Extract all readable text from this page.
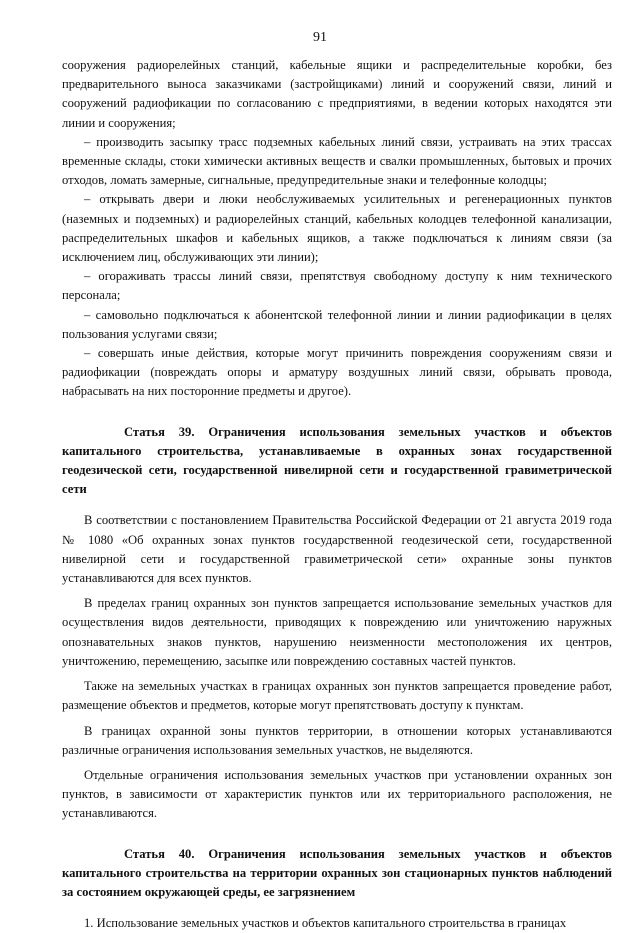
91

сооружения радиорелейных станций, кабельные ящики и распределительные коробки, без предварительного выноса заказчиками (застройщиками) линий и сооружений связи, линий и сооружений радиофикации по согласованию с предприятиями, в ведении которых находятся эти линии и сооружения;

– производить засыпку трасс подземных кабельных линий связи, устраивать на этих трассах временные склады, стоки химически активных веществ и свалки промышленных, бытовых и прочих отходов, ломать замерные, сигнальные, предупредительные знаки и телефонные колодцы;

– открывать двери и люки необслуживаемых усилительных и регенерационных пунктов (наземных и подземных) и радиорелейных станций, кабельных колодцев телефонной канализации, распределительных шкафов и кабельных ящиков, а также подключаться к линиям связи (за исключением лиц, обслуживающих эти линии);

– огораживать трассы линий связи, препятствуя свободному доступу к ним технического персонала;

– самовольно подключаться к абонентской телефонной линии и линии радиофикации в целях пользования услугами связи;

– совершать иные действия, которые могут причинить повреждения сооружениям связи и радиофикации (повреждать опоры и арматуру воздушных линий связи, обрывать провода, набрасывать на них посторонние предметы и другое).

Статья 39. Ограничения использования земельных участков и объектов капитального строительства, устанавливаемые в охранных зонах государственной геодезической сети, государственной нивелирной сети и государственной гравиметрической сети

В соответствии с постановлением Правительства Российской Федерации от 21 августа 2019 года № 1080 «Об охранных зонах пунктов государственной геодезической сети, государственной нивелирной сети и государственной гравиметрической сети» охранные зоны пунктов устанавливаются для всех пунктов.

В пределах границ охранных зон пунктов запрещается использование земельных участков для осуществления видов деятельности, приводящих к повреждению или уничтожению наружных опознавательных знаков пунктов, нарушению неизменности местоположения их центров, уничтожению, перемещению, засыпке или повреждению составных частей пунктов.

Также на земельных участках в границах охранных зон пунктов запрещается проведение работ, размещение объектов и предметов, которые могут препятствовать доступу к пунктам.

В границах охранной зоны пунктов территории, в отношении которых устанавливаются различные ограничения использования земельных участков, не выделяются.

Отдельные ограничения использования земельных участков при установлении охранных зон пунктов, в зависимости от характеристик пунктов или их территориального расположения, не устанавливаются.

Статья 40. Ограничения использования земельных участков и объектов капитального строительства на территории охранных зон стационарных пунктов наблюдений за состоянием окружающей среды, ее загрязнением

1. Использование земельных участков и объектов капитального строительства в границах
